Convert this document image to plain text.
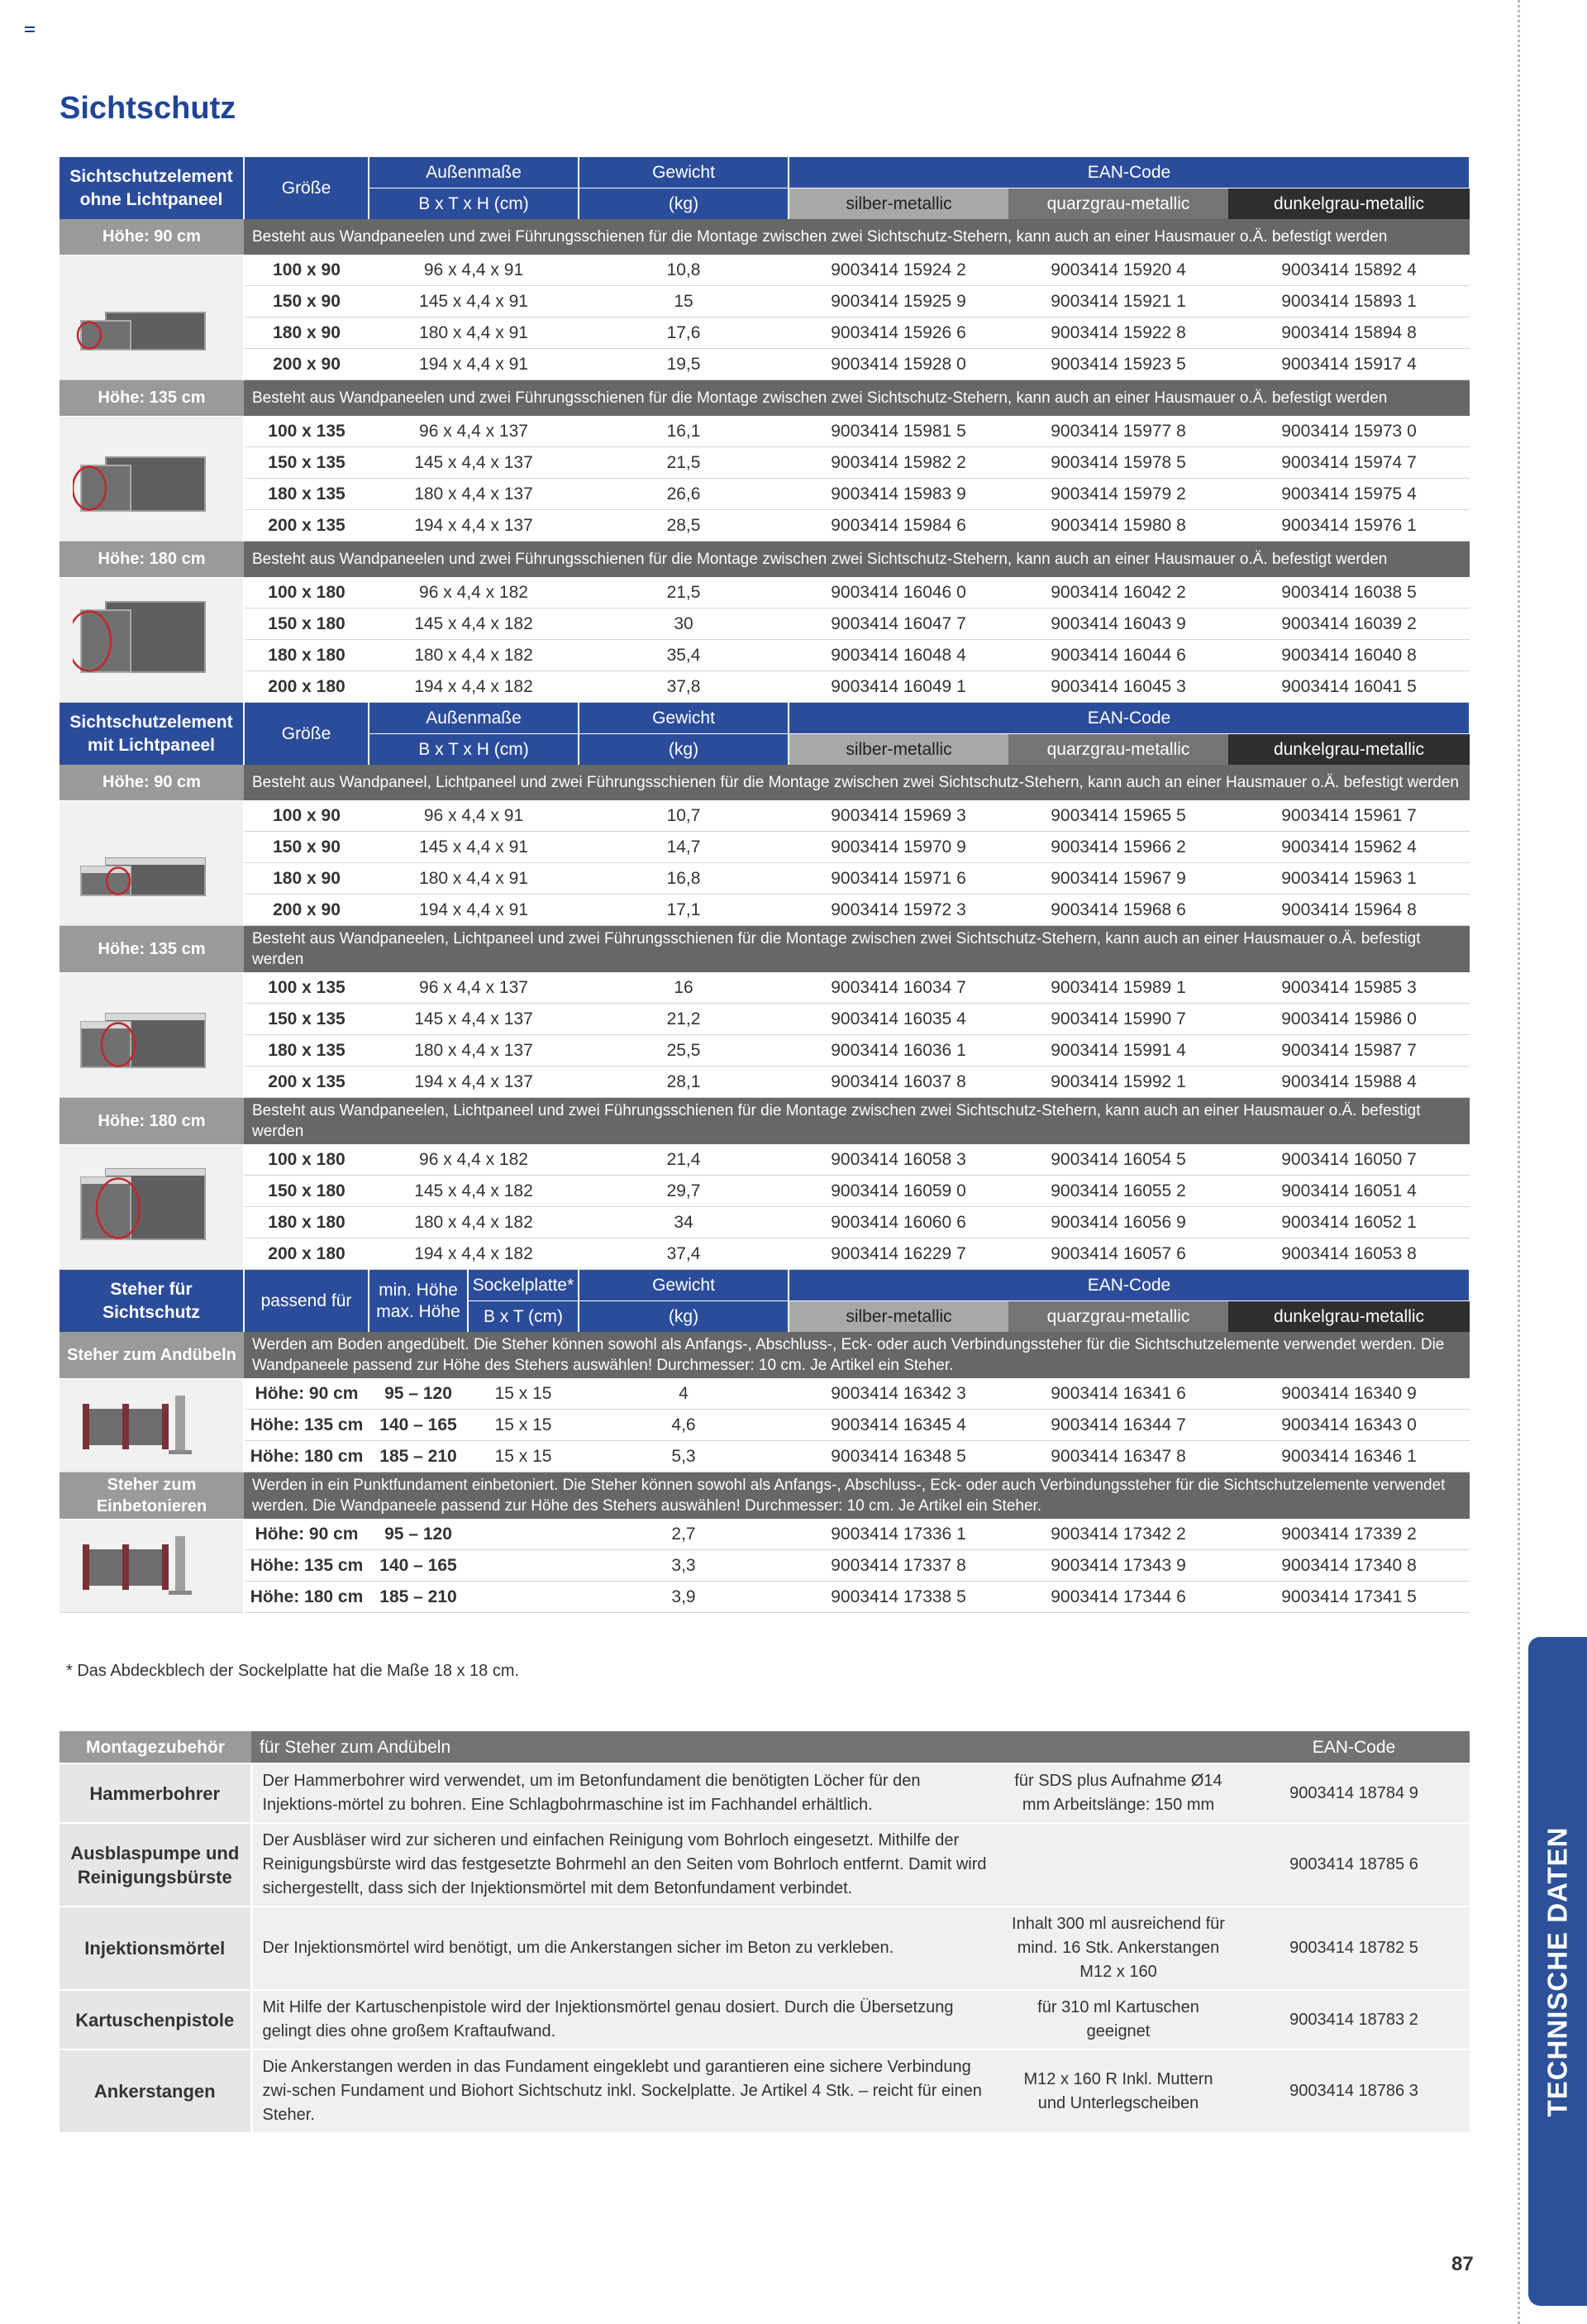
Sichtschutz
Sichtschutzelement ohne Lichtpaneel	Größe	Außenmaße		Gewicht	EAN-Code		
		B x T x H (cm)		(kg)	silber-metallic	quarzgrau-metallic	dunkelgrau-metallic
Höhe: 90 cm	Besteht aus Wandpaneelen und zwei Führungsschienen für die Montage zwischen zwei Sichtschutz-Stehern, kann auch an einer Hausmauer o.Ä. befestigt werden						
	100 x 90	96 x 4,4 x 91		10,8	9003414 15924 2	9003414 15920 4	9003414 15892 4
	150 x 90	145 x 4,4 x 91		15	9003414 15925 9	9003414 15921 1	9003414 15893 1
	180 x 90	180 x 4,4 x 91		17,6	9003414 15926 6	9003414 15922 8	9003414 15894 8
	200 x 90	194 x 4,4 x 91		19,5	9003414 15928 0	9003414 15923 5	9003414 15917 4
Höhe: 135 cm	Besteht aus Wandpaneelen und zwei Führungsschienen für die Montage zwischen zwei Sichtschutz-Stehern, kann auch an einer Hausmauer o.Ä. befestigt werden						
	100 x 135	96 x 4,4 x 137		16,1	9003414 15981 5	9003414 15977 8	9003414 15973 0
	150 x 135	145 x 4,4 x 137		21,5	9003414 15982 2	9003414 15978 5	9003414 15974 7
	180 x 135	180 x 4,4 x 137		26,6	9003414 15983 9	9003414 15979 2	9003414 15975 4
	200 x 135	194 x 4,4 x 137		28,5	9003414 15984 6	9003414 15980 8	9003414 15976 1
Höhe: 180 cm	Besteht aus Wandpaneelen und zwei Führungsschienen für die Montage zwischen zwei Sichtschutz-Stehern, kann auch an einer Hausmauer o.Ä. befestigt werden						
	100 x 180	96 x 4,4 x 182		21,5	9003414 16046 0	9003414 16042 2	9003414 16038 5
	150 x 180	145 x 4,4 x 182		30	9003414 16047 7	9003414 16043 9	9003414 16039 2
	180 x 180	180 x 4,4 x 182		35,4	9003414 16048 4	9003414 16044 6	9003414 16040 8
	200 x 180	194 x 4,4 x 182		37,8	9003414 16049 1	9003414 16045 3	9003414 16041 5
Sichtschutzelement mit Lichtpaneel	Größe	Außenmaße		Gewicht	EAN-Code		
		B x T x H (cm)		(kg)	silber-metallic	quarzgrau-metallic	dunkelgrau-metallic
Höhe: 90 cm	Besteht aus Wandpaneel, Lichtpaneel und zwei Führungsschienen für die Montage zwischen zwei Sichtschutz-Stehern, kann auch an einer Hausmauer o.Ä. befestigt werden						
	100 x 90	96 x 4,4 x 91		10,7	9003414 15969 3	9003414 15965 5	9003414 15961 7
	150 x 90	145 x 4,4 x 91		14,7	9003414 15970 9	9003414 15966 2	9003414 15962 4
	180 x 90	180 x 4,4 x 91		16,8	9003414 15971 6	9003414 15967 9	9003414 15963 1
	200 x 90	194 x 4,4 x 91		17,1	9003414 15972 3	9003414 15968 6	9003414 15964 8
Höhe: 135 cm	Besteht aus Wandpaneelen, Lichtpaneel und zwei Führungsschienen für die Montage zwischen zwei Sichtschutz-Stehern, kann auch an einer Hausmauer o.Ä. befestigt werden						
	100 x 135	96 x 4,4 x 137		16	9003414 16034 7	9003414 15989 1	9003414 15985 3
	150 x 135	145 x 4,4 x 137		21,2	9003414 16035 4	9003414 15990 7	9003414 15986 0
	180 x 135	180 x 4,4 x 137		25,5	9003414 16036 1	9003414 15991 4	9003414 15987 7
	200 x 135	194 x 4,4 x 137		28,1	9003414 16037 8	9003414 15992 1	9003414 15988 4
Höhe: 180 cm	Besteht aus Wandpaneelen, Lichtpaneel und zwei Führungsschienen für die Montage zwischen zwei Sichtschutz-Stehern, kann auch an einer Hausmauer o.Ä. befestigt werden						
	100 x 180	96 x 4,4 x 182		21,4	9003414 16058 3	9003414 16054 5	9003414 16050 7
	150 x 180	145 x 4,4 x 182		29,7	9003414 16059 0	9003414 16055 2	9003414 16051 4
	180 x 180	180 x 4,4 x 182		34	9003414 16060 6	9003414 16056 9	9003414 16052 1
	200 x 180	194 x 4,4 x 182		37,4	9003414 16229 7	9003414 16057 6	9003414 16053 8
Steher für Sichtschutz	passend für	min. Höhe max. Höhe	Sockelplatte*	Gewicht	EAN-Code		
			B x T (cm)	(kg)	silber-metallic	quarzgrau-metallic	dunkelgrau-metallic
Steher zum Andübeln	Werden am Boden angedübelt. Die Steher können sowohl als Anfangs-, Abschluss-, Eck- oder auch Verbindungssteher für die Sichtschutzelemente verwendet werden. Die Wandpaneele passend zur Höhe des Stehers auswählen! Durchmesser: 10 cm. Je Artikel ein Steher.						
	Höhe: 90 cm	95 – 120	15 x 15	4	9003414 16342 3	9003414 16341 6	9003414 16340 9
	Höhe: 135 cm	140 – 165	15 x 15	4,6	9003414 16345 4	9003414 16344 7	9003414 16343 0
	Höhe: 180 cm	185 – 210	15 x 15	5,3	9003414 16348 5	9003414 16347 8	9003414 16346 1
Steher zum Einbetonieren	Werden in ein Punktfundament einbetoniert. Die Steher können sowohl als Anfangs-, Abschluss-, Eck- oder auch Verbindungssteher für die Sichtschutzelemente verwendet werden. Die Wandpaneele passend zur Höhe des Stehers auswählen! Durchmesser: 10 cm. Je Artikel ein Steher.						
	Höhe: 90 cm	95 – 120		2,7	9003414 17336 1	9003414 17342 2	9003414 17339 2
	Höhe: 135 cm	140 – 165		3,3	9003414 17337 8	9003414 17343 9	9003414 17340 8
	Höhe: 180 cm	185 – 210		3,9	9003414 17338 5	9003414 17344 6	9003414 17341 5

* Das Abdeckblech der Sockelplatte hat die Maße 18 x 18 cm.

Montagezubehör	für Steher zum Andübeln		EAN-Code
Hammerbohrer	Der Hammerbohrer wird verwendet, um im Betonfundament die benötigten Löcher für den Injektions-mörtel zu bohren. Eine Schlagbohrmaschine ist im Fachhandel erhältlich.	für SDS plus Aufnahme Ø14 mm Arbeitslänge: 150 mm	9003414 18784 9
Ausblaspumpe und Reinigungsbürste	Der Ausbläser wird zur sicheren und einfachen Reinigung vom Bohrloch eingesetzt. Mithilfe der Reinigungsbürste wird das festgesetzte Bohrmehl an den Seiten vom Bohrloch entfernt. Damit wird sichergestellt, dass sich der Injektionsmörtel mit dem Betonfundament verbindet.		9003414 18785 6
Injektionsmörtel	Der Injektionsmörtel wird benötigt, um die Ankerstangen sicher im Beton zu verkleben.	Inhalt 300 ml ausreichend für mind. 16 Stk. Ankerstangen M12 x 160	9003414 18782 5
Kartuschenpistole	Mit Hilfe der Kartuschenpistole wird der Injektionsmörtel genau dosiert. Durch die Übersetzung gelingt dies ohne großem Kraftaufwand.	für 310 ml Kartuschen geeignet	9003414 18783 2
Ankerstangen	Die Ankerstangen werden in das Fundament eingeklebt und garantieren eine sichere Verbindung zwi-schen Fundament und Biohort Sichtschutz inkl. Sockelplatte. Je Artikel 4 Stk. – reicht für einen Steher.	M12 x 160 R Inkl. Muttern und Unterlegscheiben	9003414 18786 3	TECHNISCHE DATEN
87
